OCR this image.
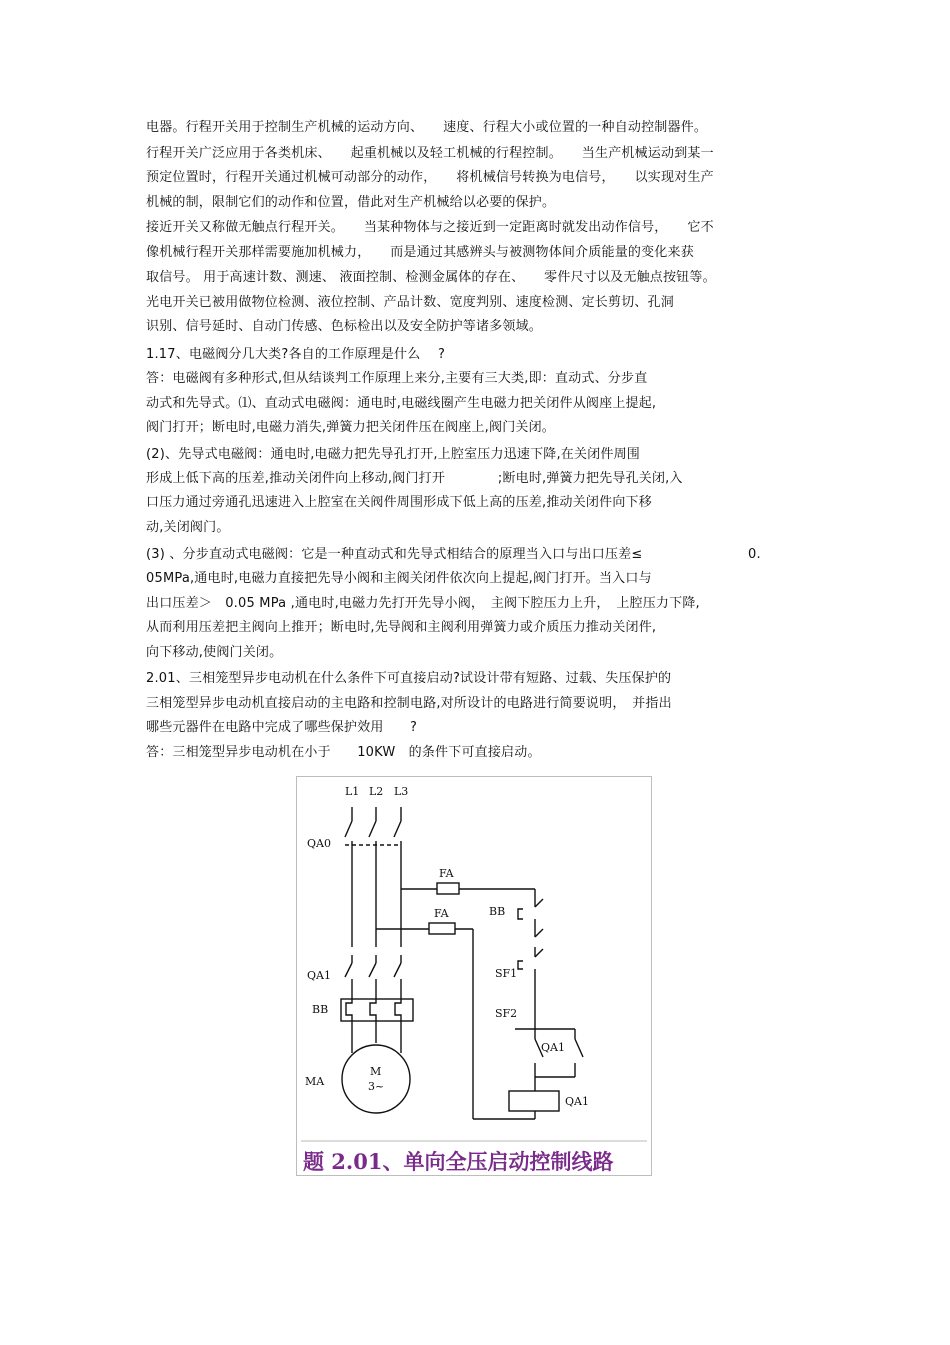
电器。行程开关用于控制生产机械的运动方向、　　速度、行程大小或位置的一种自动控制器件。
行程开关广泛应用于各类机床、　　起重机械以及轻工机械的行程控制。　　当生产机械运动到某一
预定位置时，行程开关通过机械可动部分的动作，　　将机械信号转换为电信号，　　以实现对生产
机械的制，限制它们的动作和位置，借此对生产机械给以必要的保护。
接近开关又称做无触点行程开关。　　当某种物体与之接近到一定距离时就发出动作信号，　　它不
像机械行程开关那样需要施加机械力，　　而是通过其感辨头与被测物体间介质能量的变化来获
取信号。 用于高速计数、测速、 液面控制、检测金属体的存在、　　零件尺寸以及无触点按钮等。
光电开关已被用做物位检测、液位控制、产品计数、宽度判别、速度检测、定长剪切、孔洞
识别、信号延时、自动门传感、色标检出以及安全防护等诸多领域。
1.17、电磁阀分几大类?各自的工作原理是什么　 ?
答：电磁阀有多种形式,但从结谈判工作原理上来分,主要有三大类,即：直动式、分步直
动式和先导式。⑴、直动式电磁阀：通电时,电磁线圈产生电磁力把关闭件从阀座上提起,
阀门打开；断电时,电磁力消失,弹簧力把关闭件压在阀座上,阀门关闭。
(2)、先导式电磁阀：通电时,电磁力把先导孔打开,上腔室压力迅速下降,在关闭件周围
形成上低下高的压差,推动关闭件向上移动,阀门打开　　　　;断电时,弹簧力把先导孔关闭,入
口压力通过旁通孔迅速进入上腔室在关阀件周围形成下低上高的压差,推动关闭件向下移
动,关闭阀门。
(3) 、分步直动式电磁阀：它是一种直动式和先导式相结合的原理当入口与出口压差≤　　　　　　　　0.
05MPa,通电时,电磁力直接把先导小阀和主阀关闭件依次向上提起,阀门打开。当入口与
出口压差＞　0.05 MPa ,通电时,电磁力先打开先导小阀，　主阀下腔压力上升，　上腔压力下降,
从而利用压差把主阀向上推开；断电时,先导阀和主阀利用弹簧力或介质压力推动关闭件,
向下移动,使阀门关闭。
2.01、三相笼型异步电动机在什么条件下可直接启动?试设计带有短路、过载、失压保护的
三相笼型异步电动机直接启动的主电路和控制电路,对所设计的电路进行简要说明，　并指出
哪些元器件在电路中完成了哪些保护效用　　?
答：三相笼型异步电动机在小于　　10KW　的条件下可直接启动。
L1 L2 L3
QA0
FA
FA	BB
SF1
QA1
BB	SF2
QA1
MA
M
3~
QA1
题 2.01、单向全压启动控制线路
